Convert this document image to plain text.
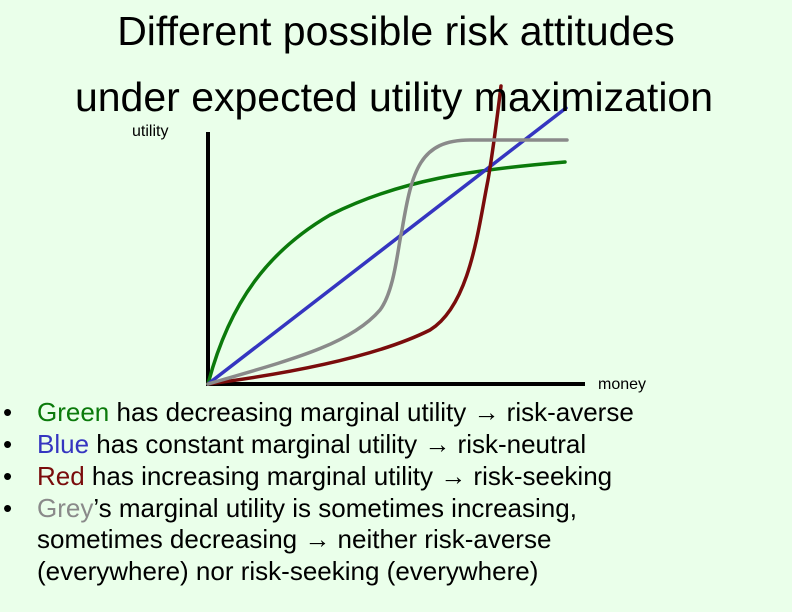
Different possible risk attitudes
under expected utility maximization
utility
money
• Green has decreasing marginal utility → risk-averse
• Blue has constant marginal utility → risk-neutral
• Red has increasing marginal utility → risk-seeking
• Grey’s marginal utility is sometimes increasing,
sometimes decreasing → neither risk-averse
(everywhere) nor risk-seeking (everywhere)
